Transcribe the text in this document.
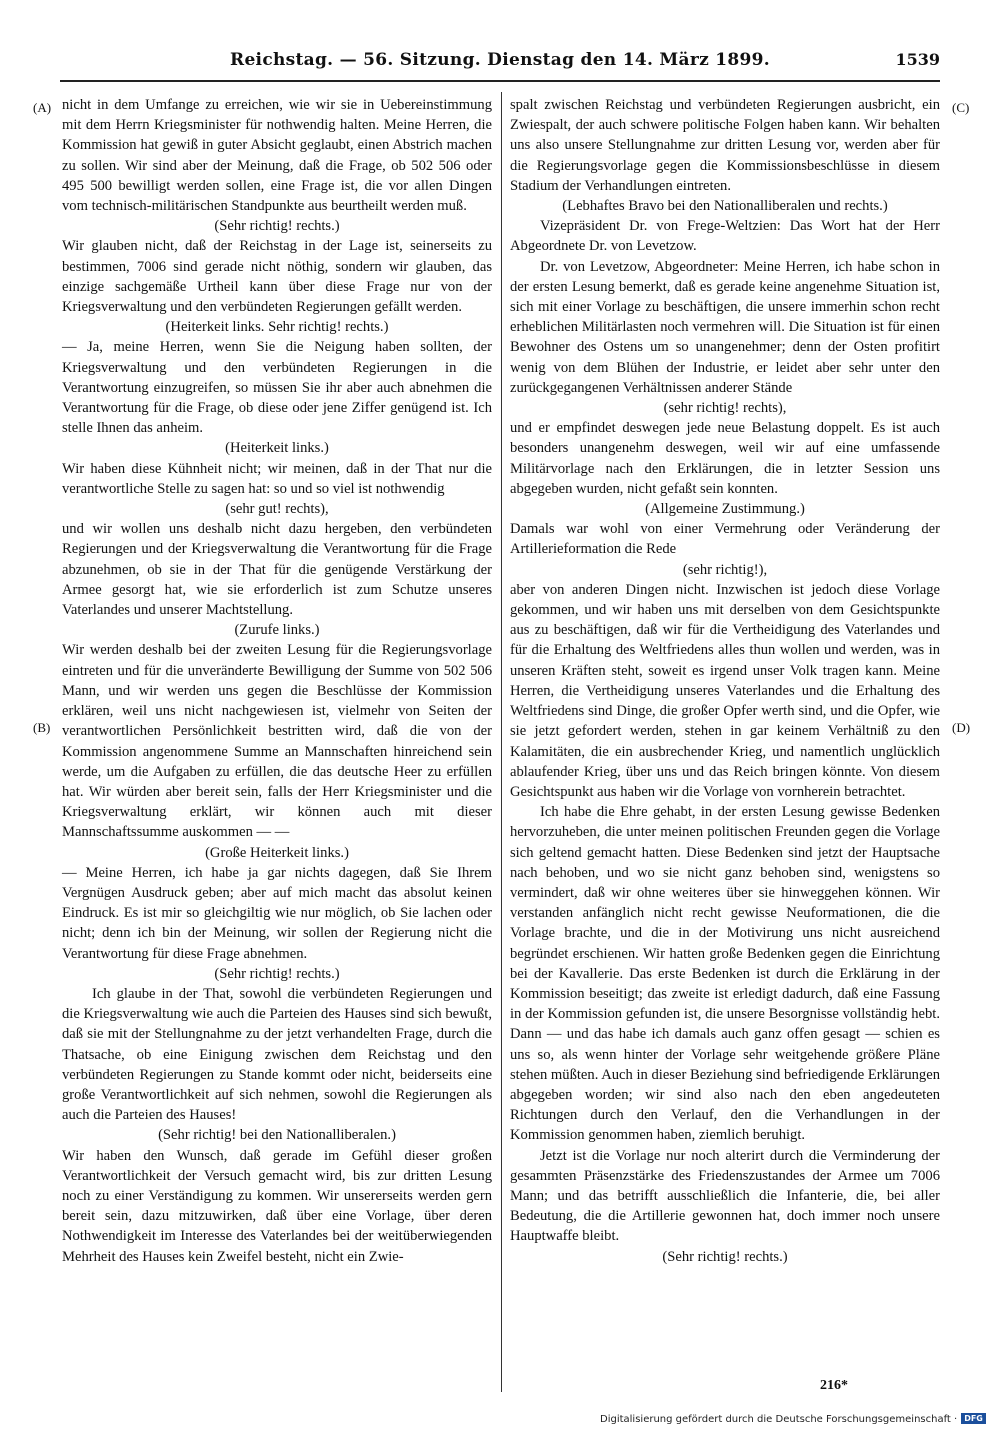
Reichstag. — 56. Sitzung. Dienstag den 14. März 1899.	1539
(A)
(B)
(C)
(D)

nicht in dem Umfange zu erreichen, wie wir sie in Uebereinstimmung mit dem Herrn Kriegsminister für nothwendig halten. Meine Herren, die Kommission hat gewiß in guter Absicht geglaubt, einen Abstrich machen zu sollen. Wir sind aber der Meinung, daß die Frage, ob 502 506 oder 495 500 bewilligt werden sollen, eine Frage ist, die vor allen Dingen vom technisch-militärischen Standpunkte aus beurtheilt werden muß.

(Sehr richtig! rechts.)

Wir glauben nicht, daß der Reichstag in der Lage ist, seinerseits zu bestimmen, 7006 sind gerade nicht nöthig, sondern wir glauben, das einzige sachgemäße Urtheil kann über diese Frage nur von der Kriegsverwaltung und den verbündeten Regierungen gefällt werden.

(Heiterkeit links. Sehr richtig! rechts.)

— Ja, meine Herren, wenn Sie die Neigung haben sollten, der Kriegsverwaltung und den verbündeten Regierungen in die Verantwortung einzugreifen, so müssen Sie ihr aber auch abnehmen die Verantwortung für die Frage, ob diese oder jene Ziffer genügend ist. Ich stelle Ihnen das anheim.

(Heiterkeit links.)

Wir haben diese Kühnheit nicht; wir meinen, daß in der That nur die verantwortliche Stelle zu sagen hat: so und so viel ist nothwendig

(sehr gut! rechts),

und wir wollen uns deshalb nicht dazu hergeben, den verbündeten Regierungen und der Kriegsverwaltung die Verantwortung für die Frage abzunehmen, ob sie in der That für die genügende Verstärkung der Armee gesorgt hat, wie sie erforderlich ist zum Schutze unseres Vaterlandes und unserer Machtstellung.

(Zurufe links.)

Wir werden deshalb bei der zweiten Lesung für die Regierungsvorlage eintreten und für die unveränderte Bewilligung der Summe von 502 506 Mann, und wir werden uns gegen die Beschlüsse der Kommission erklären, weil uns nicht nachgewiesen ist, vielmehr von Seiten der verantwortlichen Persönlichkeit bestritten wird, daß die von der Kommission angenommene Summe an Mannschaften hinreichend sein werde, um die Aufgaben zu erfüllen, die das deutsche Heer zu erfüllen hat. Wir würden aber bereit sein, falls der Herr Kriegsminister und die Kriegsverwaltung erklärt, wir können auch mit dieser Mannschaftssumme auskommen — —

(Große Heiterkeit links.)

— Meine Herren, ich habe ja gar nichts dagegen, daß Sie Ihrem Vergnügen Ausdruck geben; aber auf mich macht das absolut keinen Eindruck. Es ist mir so gleichgiltig wie nur möglich, ob Sie lachen oder nicht; denn ich bin der Meinung, wir sollen der Regierung nicht die Verantwortung für diese Frage abnehmen.

(Sehr richtig! rechts.)

Ich glaube in der That, sowohl die verbündeten Regierungen und die Kriegsverwaltung wie auch die Parteien des Hauses sind sich bewußt, daß sie mit der Stellungnahme zu der jetzt verhandelten Frage, durch die Thatsache, ob eine Einigung zwischen dem Reichstag und den verbündeten Regierungen zu Stande kommt oder nicht, beiderseits eine große Verantwortlichkeit auf sich nehmen, sowohl die Regierungen als auch die Parteien des Hauses!

(Sehr richtig! bei den Nationalliberalen.)

Wir haben den Wunsch, daß gerade im Gefühl dieser großen Verantwortlichkeit der Versuch gemacht wird, bis zur dritten Lesung noch zu einer Verständigung zu kommen. Wir unsererseits werden gern bereit sein, dazu mitzuwirken, daß über eine Vorlage, über deren Nothwendigkeit im Interesse des Vaterlandes bei der weitüberwiegenden Mehrheit des Hauses kein Zweifel besteht, nicht ein Zwie-

spalt zwischen Reichstag und verbündeten Regierungen ausbricht, ein Zwiespalt, der auch schwere politische Folgen haben kann. Wir behalten uns also unsere Stellungnahme zur dritten Lesung vor, werden aber für die Regierungsvorlage gegen die Kommissionsbeschlüsse in diesem Stadium der Verhandlungen eintreten.

(Lebhaftes Bravo bei den Nationalliberalen und rechts.)

Vizepräsident Dr. von Frege-Weltzien: Das Wort hat der Herr Abgeordnete Dr. von Levetzow.

Dr. von Levetzow, Abgeordneter: Meine Herren, ich habe schon in der ersten Lesung bemerkt, daß es gerade keine angenehme Situation ist, sich mit einer Vorlage zu beschäftigen, die unsere immerhin schon recht erheblichen Militärlasten noch vermehren will. Die Situation ist für einen Bewohner des Ostens um so unangenehmer; denn der Osten profitirt wenig von dem Blühen der Industrie, er leidet aber sehr unter den zurückgegangenen Verhältnissen anderer Stände

(sehr richtig! rechts),

und er empfindet deswegen jede neue Belastung doppelt. Es ist auch besonders unangenehm deswegen, weil wir auf eine umfassende Militärvorlage nach den Erklärungen, die in letzter Session uns abgegeben wurden, nicht gefaßt sein konnten.

(Allgemeine Zustimmung.)

Damals war wohl von einer Vermehrung oder Veränderung der Artillerieformation die Rede

(sehr richtig!),

aber von anderen Dingen nicht. Inzwischen ist jedoch diese Vorlage gekommen, und wir haben uns mit derselben von dem Gesichtspunkte aus zu beschäftigen, daß wir für die Vertheidigung des Vaterlandes und für die Erhaltung des Weltfriedens alles thun wollen und werden, was in unseren Kräften steht, soweit es irgend unser Volk tragen kann. Meine Herren, die Vertheidigung unseres Vaterlandes und die Erhaltung des Weltfriedens sind Dinge, die großer Opfer werth sind, und die Opfer, wie sie jetzt gefordert werden, stehen in gar keinem Verhältniß zu den Kalamitäten, die ein ausbrechender Krieg, und namentlich unglücklich ablaufender Krieg, über uns und das Reich bringen könnte. Von diesem Gesichtspunkt aus haben wir die Vorlage von vornherein betrachtet.

Ich habe die Ehre gehabt, in der ersten Lesung gewisse Bedenken hervorzuheben, die unter meinen politischen Freunden gegen die Vorlage sich geltend gemacht hatten. Diese Bedenken sind jetzt der Hauptsache nach behoben, und wo sie nicht ganz behoben sind, wenigstens so vermindert, daß wir ohne weiteres über sie hinweggehen können. Wir verstanden anfänglich nicht recht gewisse Neuformationen, die die Vorlage brachte, und die in der Motivirung uns nicht ausreichend begründet erschienen. Wir hatten große Bedenken gegen die Einrichtung bei der Kavallerie. Das erste Bedenken ist durch die Erklärung in der Kommission beseitigt; das zweite ist erledigt dadurch, daß eine Fassung in der Kommission gefunden ist, die unsere Besorgnisse vollständig hebt. Dann — und das habe ich damals auch ganz offen gesagt — schien es uns so, als wenn hinter der Vorlage sehr weitgehende größere Pläne stehen müßten. Auch in dieser Beziehung sind befriedigende Erklärungen abgegeben worden; wir sind also nach den eben angedeuteten Richtungen durch den Verlauf, den die Verhandlungen in der Kommission genommen haben, ziemlich beruhigt.

Jetzt ist die Vorlage nur noch alterirt durch die Verminderung der gesammten Präsenzstärke des Friedenszustandes der Armee um 7006 Mann; und das betrifft ausschließlich die Infanterie, die, bei aller Bedeutung, die die Artillerie gewonnen hat, doch immer noch unsere Hauptwaffe bleibt.

(Sehr richtig! rechts.)

216*
Digitalisierung gefördert durch die Deutsche Forschungsgemeinschaft · DFG
